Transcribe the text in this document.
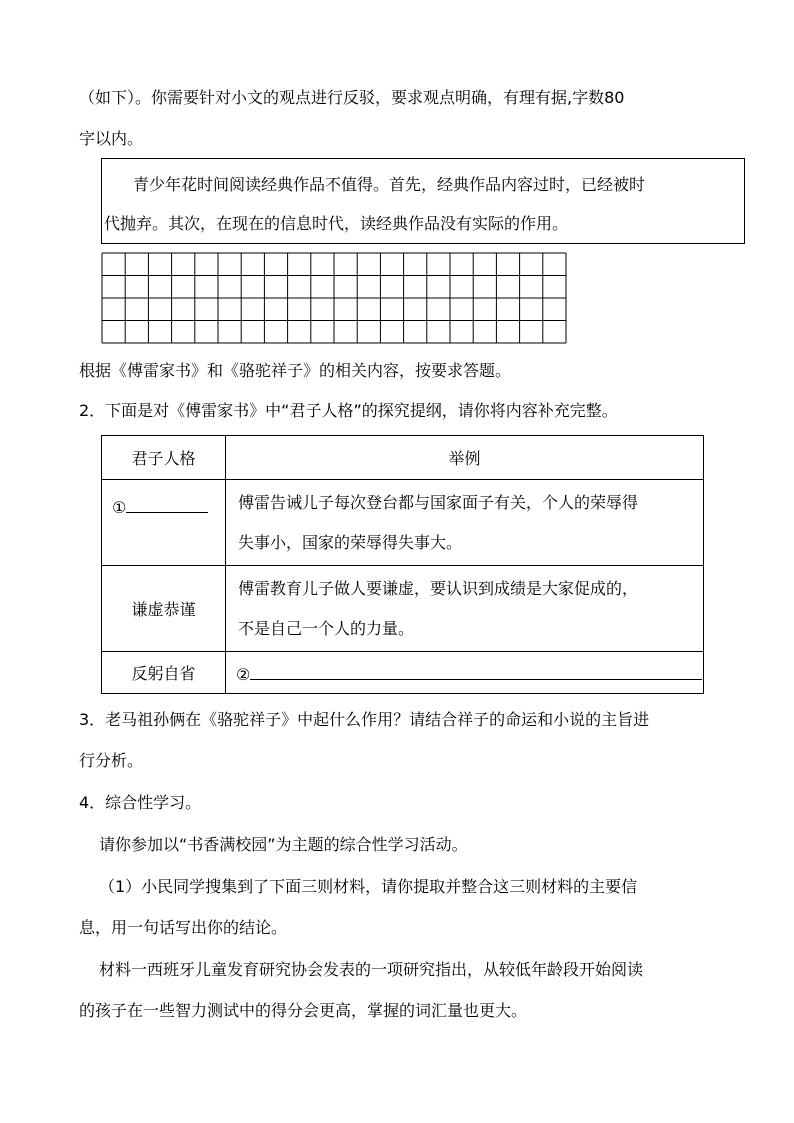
（如下）。你需要针对小文的观点进行反驳，要求观点明确，有理有据,字数80
字以内。
青少年花时间阅读经典作品不值得。首先，经典作品内容过时，已经被时
代抛弃。其次，在现在的信息时代，读经典作品没有实际的作用。
根据《傅雷家书》和《骆驼祥子》的相关内容，按要求答题。
2．下面是对《傅雷家书》中“君子人格”的探究提纲，请你将内容补充完整。
君子人格	举例
①	傅雷告诫儿子每次登台都与国家面子有关，个人的荣辱得
失事小，国家的荣辱得失事大。

谦虚恭谨	傅雷教育儿子做人要谦虚，要认识到成绩是大家促成的，
不是自己一个人的力量。

反躬自省	②
3．老马祖孙俩在《骆驼祥子》中起什么作用？请结合祥子的命运和小说的主旨进
行分析。
4．综合性学习。
请你参加以“书香满校园”为主题的综合性学习活动。
（1）小民同学搜集到了下面三则材料，请你提取并整合这三则材料的主要信
息，用一句话写出你的结论。
材料一西班牙儿童发育研究协会发表的一项研究指出，从较低年龄段开始阅读
的孩子在一些智力测试中的得分会更高，掌握的词汇量也更大。
